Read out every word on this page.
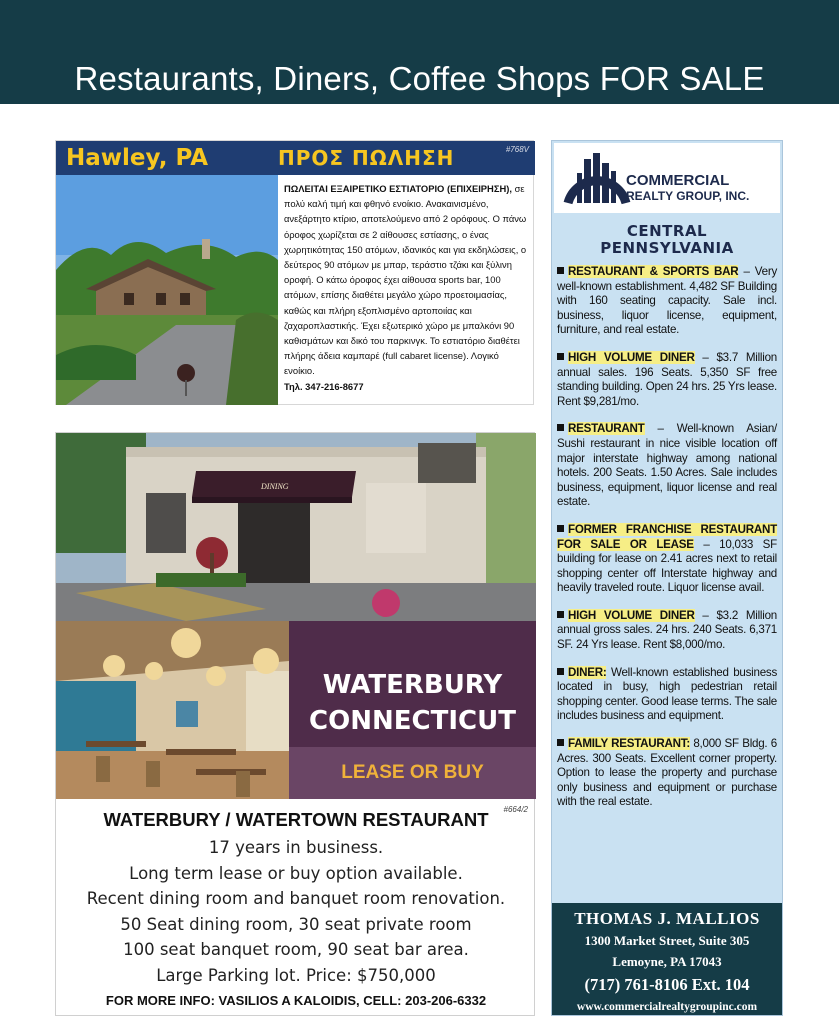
Restaurants, Diners, Coffee Shops FOR SALE
Hawley, PA	ΠΡΟΣ ΠΩΛΗΣΗ	#768V
ΠΩΛΕΙΤΑΙ ΕΞΑΙΡΕΤΙΚΟ ΕΣΤΙΑΤΟΡΙΟ (ΕΠΙΧΕΙΡΗΣΗ), σε πολύ καλή τιμή και φθηνό ενοίκιο. Ανακαινισμένο, ανεξάρτητο κτίριο, αποτελούμενο από 2 ορόφους. Ο πάνω όροφος χωρίζεται σε 2 αίθουσες εστίασης, ο ένας χωρητικότητας 150 ατόμων, ιδανικός και για εκδηλώσεις, ο δεύτερος 90 ατόμων με μπαρ, τεράστιο τζάκι και ξύλινη οροφή. Ο κάτω όροφος έχει αίθουσα sports bar, 100 ατόμων, επίσης διαθέτει μεγάλο χώρο προετοιμασίας, καθώς και πλήρη εξοπλισμένο αρτοποιίας και ζαχαροπλαστικής. Έχει εξωτερικό χώρο με μπαλκόνι 90 καθισμάτων και δικό του παρκινγκ. Το εστιατόριο διαθέτει πλήρης άδεια καμπαρέ (full cabaret license). Λογικό ενοίκιο.
Τηλ. 347-216-8677
DINING
WATERBURY
CONNECTICUT
LEASE OR BUY
#664/2
WATERBURY / WATERTOWN RESTAURANT
17 years in business.
Long term lease or buy option available.
Recent dining room and banquet room renovation.
50 Seat dining room, 30 seat private room
100 seat banquet room, 90 seat bar area.
Large Parking lot. Price: $750,000
FOR MORE INFO: VASILIOS A KALOIDIS, CELL: 203-206-6332
COMMERCIAL
REALTY GROUP, INC.
CENTRAL
PENNSYLVANIA
RESTAURANT & SPORTS BAR – Very well-known establishment. 4,482 SF Building with 160 seating capacity. Sale incl. business, liquor license, equipment, furniture, and real estate.
HIGH VOLUME DINER – $3.7 Million annual sales. 196 Seats. 5,350 SF free standing building. Open 24 hrs. 25 Yrs lease. Rent $9,281/mo.
RESTAURANT – Well-known Asian/ Sushi restaurant in nice visible location off major interstate highway among national hotels. 200 Seats. 1.50 Acres. Sale includes business, equipment, liquor license and real estate.
FORMER FRANCHISE RESTAURANT FOR SALE OR LEASE – 10,033 SF building for lease on 2.41 acres next to retail shopping center off Interstate highway and heavily traveled route. Liquor license avail.
HIGH VOLUME DINER – $3.2 Million annual gross sales. 24 hrs. 240 Seats. 6,371 SF. 24 Yrs lease. Rent $8,000/mo.
DINER: Well-known established business located in busy, high pedestrian retail shopping center. Good lease terms. The sale includes business and equipment.
FAMILY RESTAURANT: 8,000 SF Bldg. 6 Acres. 300 Seats. Excellent corner property. Option to lease the property and purchase only business and equipment or purchase with the real estate.
THOMAS J. MALLIOS
1300 Market Street, Suite 305
Lemoyne, PA 17043
(717) 761-8106 Ext. 104
www.commercialrealtygroupinc.com
